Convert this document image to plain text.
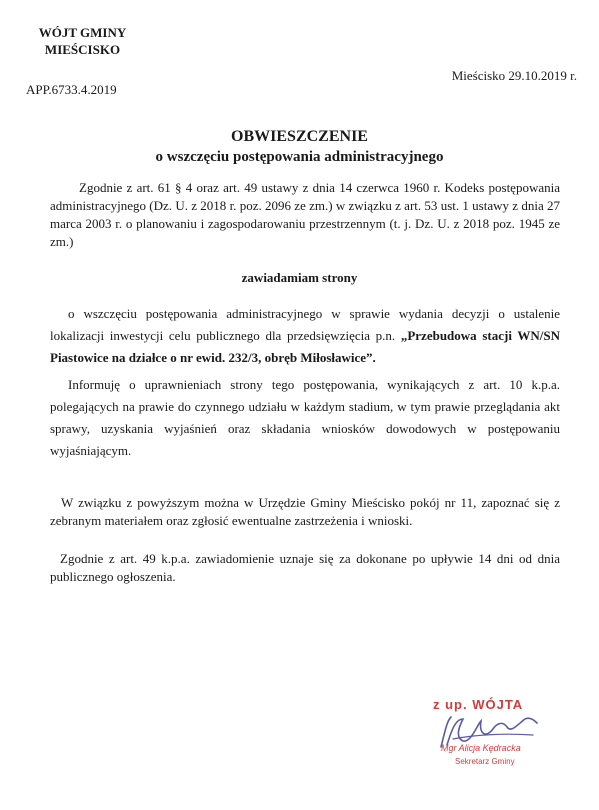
WÓJT GMINY
MIEŚCISKO
APP.6733.4.2019
Mieścisko 29.10.2019 r.
OBWIESZCZENIE
o wszczęciu postępowania administracyjnego
Zgodnie z art. 61 § 4 oraz art. 49 ustawy z dnia 14 czerwca 1960 r. Kodeks postępowania administracyjnego (Dz. U. z 2018 r. poz. 2096 ze zm.) w związku z art. 53 ust. 1 ustawy z dnia 27 marca 2003 r. o planowaniu i zagospodarowaniu przestrzennym (t. j. Dz. U. z 2018 poz. 1945 ze zm.)
zawiadamiam strony
o wszczęciu postępowania administracyjnego w sprawie wydania decyzji o ustalenie lokalizacji inwestycji celu publicznego dla przedsięwzięcia p.n. „Przebudowa stacji WN/SN Piastowice na działce o nr ewid. 232/3, obręb Miłosławice”.
Informuję o uprawnieniach strony tego postępowania, wynikających z art. 10 k.p.a. polegających na prawie do czynnego udziału w każdym stadium, w tym prawie przeglądania akt sprawy, uzyskania wyjaśnień oraz składania wniosków dowodowych w postępowaniu wyjaśniającym.
W związku z powyższym można w Urzędzie Gminy Mieścisko pokój nr 11, zapoznać się z zebranym materiałem oraz zgłosić ewentualne zastrzeżenia i wnioski.
Zgodnie z art. 49 k.p.a. zawiadomienie uznaje się za dokonane po upływie 14 dni od dnia publicznego ogłoszenia.
z up. WÓJTA
Mgr Alicja Kędracka
Sekretarz Gminy
